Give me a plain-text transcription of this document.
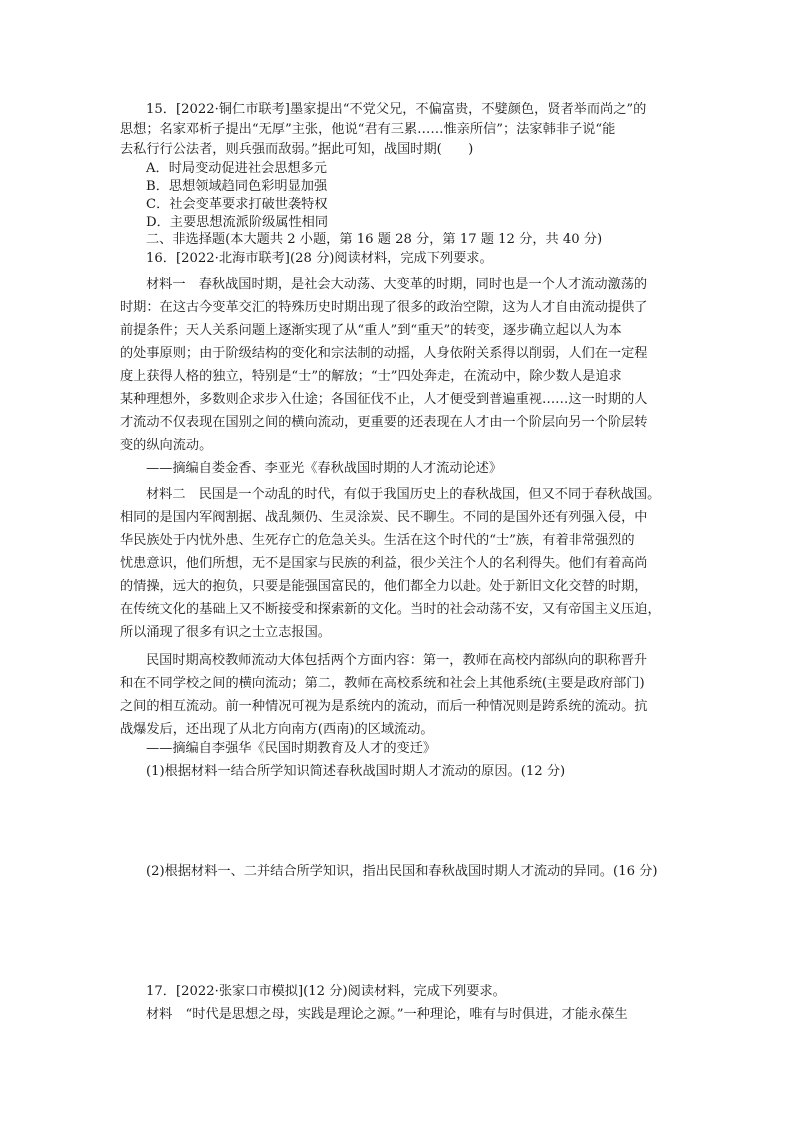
15．[2022·铜仁市联考]墨家提出“不党父兄，不偏富贵，不嬖颜色，贤者举而尚之”的
思想；名家邓析子提出“无厚”主张，他说“君有三累……惟亲所信”；法家韩非子说“能
去私行行公法者，则兵强而敌弱。”据此可知，战国时期(　　)
A．时局变动促进社会思想多元
B．思想领域趋同色彩明显加强
C．社会变革要求打破世袭特权
D．主要思想流派阶级属性相同
二、非选择题(本大题共 2 小题，第 16 题 28 分，第 17 题 12 分，共 40 分)
16．[2022·北海市联考](28 分)阅读材料，完成下列要求。
材料一　春秋战国时期，是社会大动荡、大变革的时期，同时也是一个人才流动激荡的
时期：在这古今变革交汇的特殊历史时期出现了很多的政治空隙，这为人才自由流动提供了
前提条件；天人关系问题上逐渐实现了从“重人”到“重天”的转变，逐步确立起以人为本
的处事原则；由于阶级结构的变化和宗法制的动摇，人身依附关系得以削弱，人们在一定程
度上获得人格的独立，特别是“士”的解放；“士”四处奔走，在流动中，除少数人是追求
某种理想外，多数则企求步入仕途；各国征伐不止，人才便受到普遍重视……这一时期的人
才流动不仅表现在国别之间的横向流动，更重要的还表现在人才由一个阶层向另一个阶层转
变的纵向流动。
——摘编自娄金香、李亚光《春秋战国时期的人才流动论述》
材料二　民国是一个动乱的时代，有似于我国历史上的春秋战国，但又不同于春秋战国。
相同的是国内军阀割据、战乱频仍、生灵涂炭、民不聊生。不同的是国外还有列强入侵，中
华民族处于内忧外患、生死存亡的危急关头。生活在这个时代的“士”族，有着非常强烈的
忧患意识，他们所想，无不是国家与民族的利益，很少关注个人的名利得失。他们有着高尚
的情操，远大的抱负，只要是能强国富民的，他们都全力以赴。处于新旧文化交替的时期，
在传统文化的基础上又不断接受和探索新的文化。当时的社会动荡不安，又有帝国主义压迫，
所以涌现了很多有识之士立志报国。
民国时期高校教师流动大体包括两个方面内容：第一，教师在高校内部纵向的职称晋升
和在不同学校之间的横向流动；第二，教师在高校系统和社会上其他系统(主要是政府部门)
之间的相互流动。前一种情况可视为是系统内的流动，而后一种情况则是跨系统的流动。抗
战爆发后，还出现了从北方向南方(西南)的区域流动。
——摘编自李强华《民国时期教育及人才的变迁》
(1)根据材料一结合所学知识简述春秋战国时期人才流动的原因。(12 分)
(2)根据材料一、二并结合所学知识，指出民国和春秋战国时期人才流动的异同。(16 分)
17．[2022·张家口市模拟](12 分)阅读材料，完成下列要求。
材料　“时代是思想之母，实践是理论之源。”一种理论，唯有与时俱进，才能永葆生
